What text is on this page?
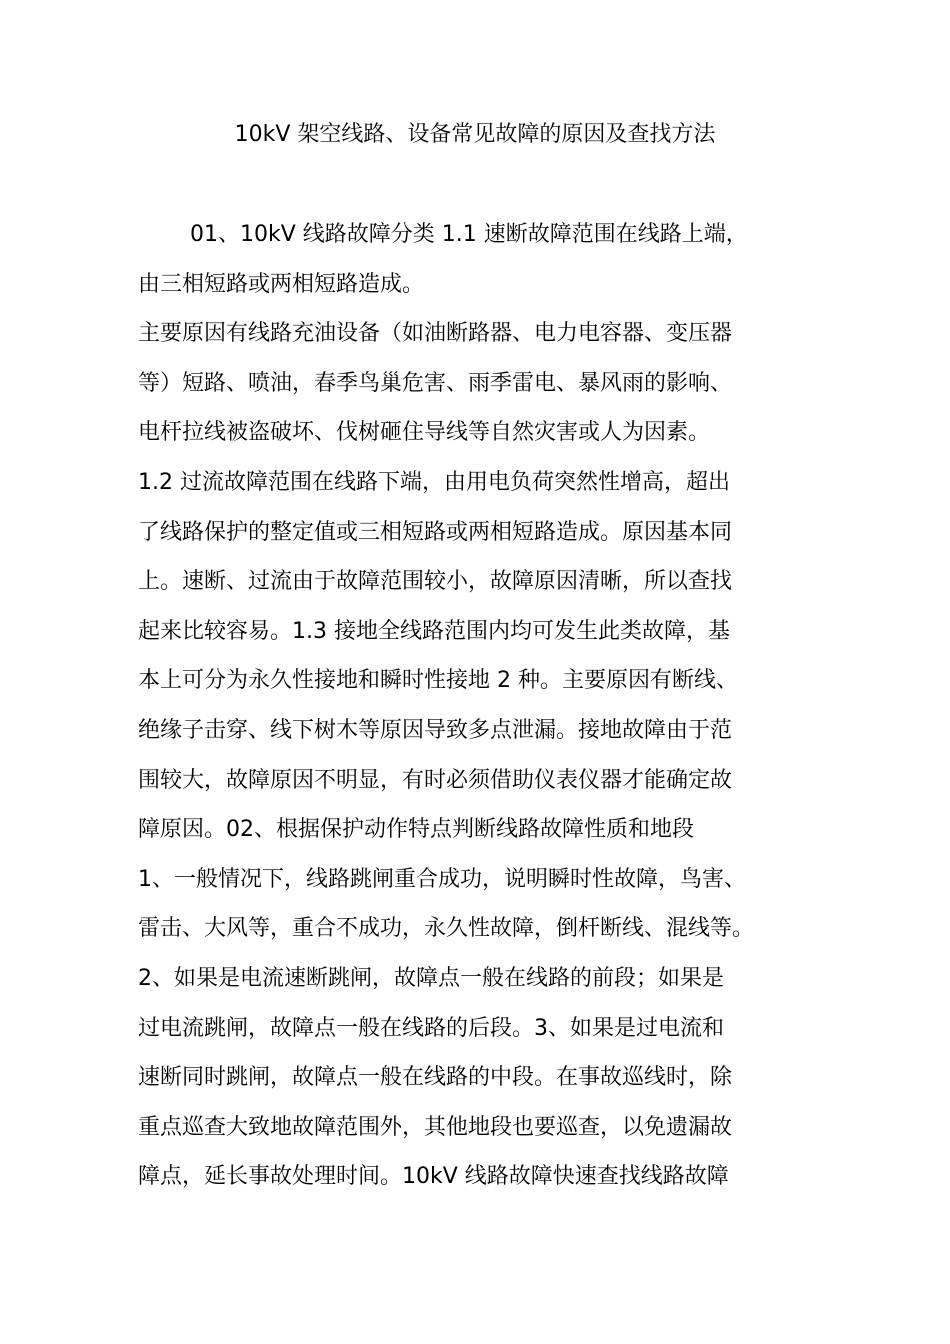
10kV 架空线路、设备常见故障的原因及查找方法
01、10kV 线路故障分类 1.1 速断故障范围在线路上端，
由三相短路或两相短路造成。
主要原因有线路充油设备（如油断路器、电力电容器、变压器
等）短路、喷油，春季鸟巢危害、雨季雷电、暴风雨的影响、
电杆拉线被盗破坏、伐树砸住导线等自然灾害或人为因素。
1.2 过流故障范围在线路下端，由用电负荷突然性增高，超出
了线路保护的整定值或三相短路或两相短路造成。原因基本同
上。速断、过流由于故障范围较小，故障原因清晰，所以查找
起来比较容易。1.3 接地全线路范围内均可发生此类故障，基
本上可分为永久性接地和瞬时性接地 2 种。主要原因有断线、
绝缘子击穿、线下树木等原因导致多点泄漏。接地故障由于范
围较大，故障原因不明显，有时必须借助仪表仪器才能确定故
障原因。02、根据保护动作特点判断线路故障性质和地段
1、一般情况下，线路跳闸重合成功，说明瞬时性故障，鸟害、
雷击、大风等，重合不成功，永久性故障，倒杆断线、混线等。
2、如果是电流速断跳闸，故障点一般在线路的前段；如果是
过电流跳闸，故障点一般在线路的后段。3、如果是过电流和
速断同时跳闸，故障点一般在线路的中段。在事故巡线时，除
重点巡查大致地故障范围外，其他地段也要巡查，以免遗漏故
障点，延长事故处理时间。10kV 线路故障快速查找线路故障
